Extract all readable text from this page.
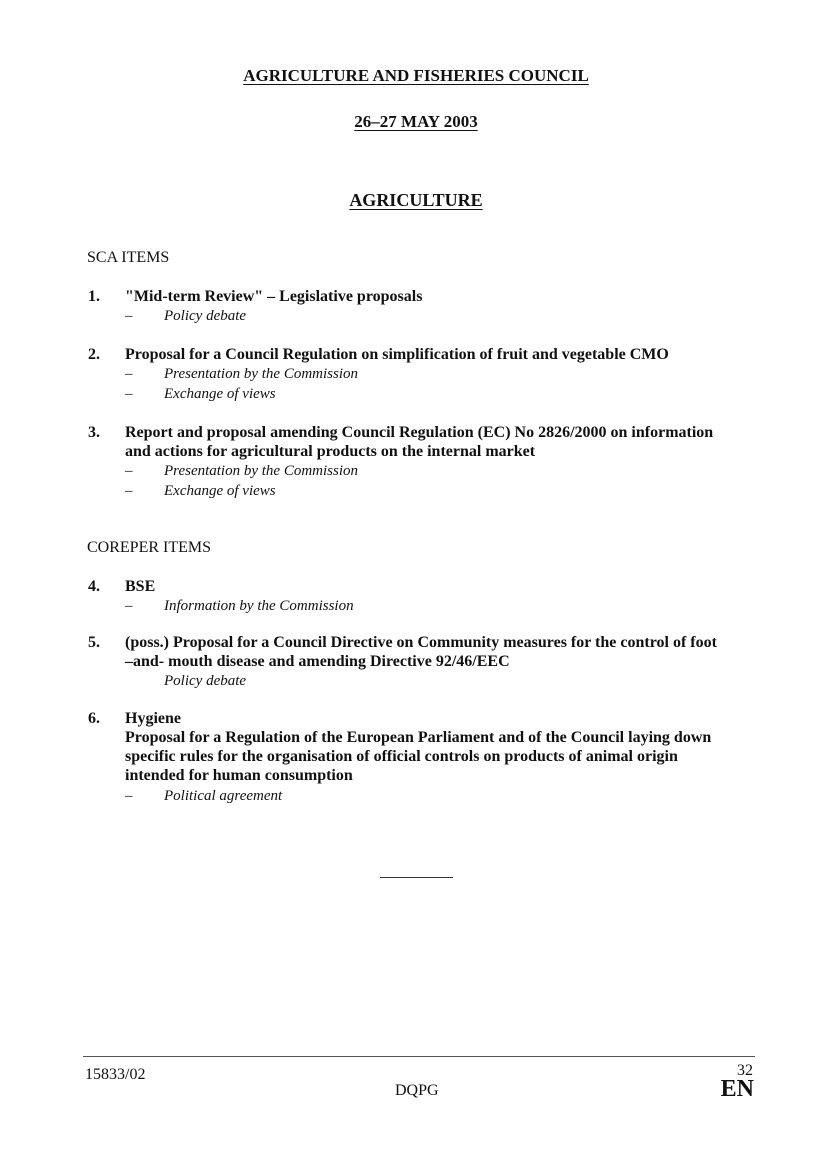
AGRICULTURE AND FISHERIES COUNCIL
26–27 MAY 2003
AGRICULTURE
SCA ITEMS
1. "Mid-term Review" – Legislative proposals
– Policy debate
2. Proposal for a Council Regulation on simplification of fruit and vegetable CMO
– Presentation by the Commission
– Exchange of views
3. Report and proposal amending Council Regulation (EC) No 2826/2000 on information
and actions for agricultural products on the internal market
– Presentation by the Commission
– Exchange of views
COREPER ITEMS
4. BSE
– Information by the Commission
5. (poss.) Proposal for a Council Directive on Community measures for the control of foot
–and- mouth disease and amending Directive 92/46/EEC
Policy debate
6. Hygiene
Proposal for a Regulation of the European Parliament and of the Council laying down
specific rules for the organisation of official controls on products of animal origin
intended for human consumption
– Political agreement
15833/02	32
DQPG	EN
